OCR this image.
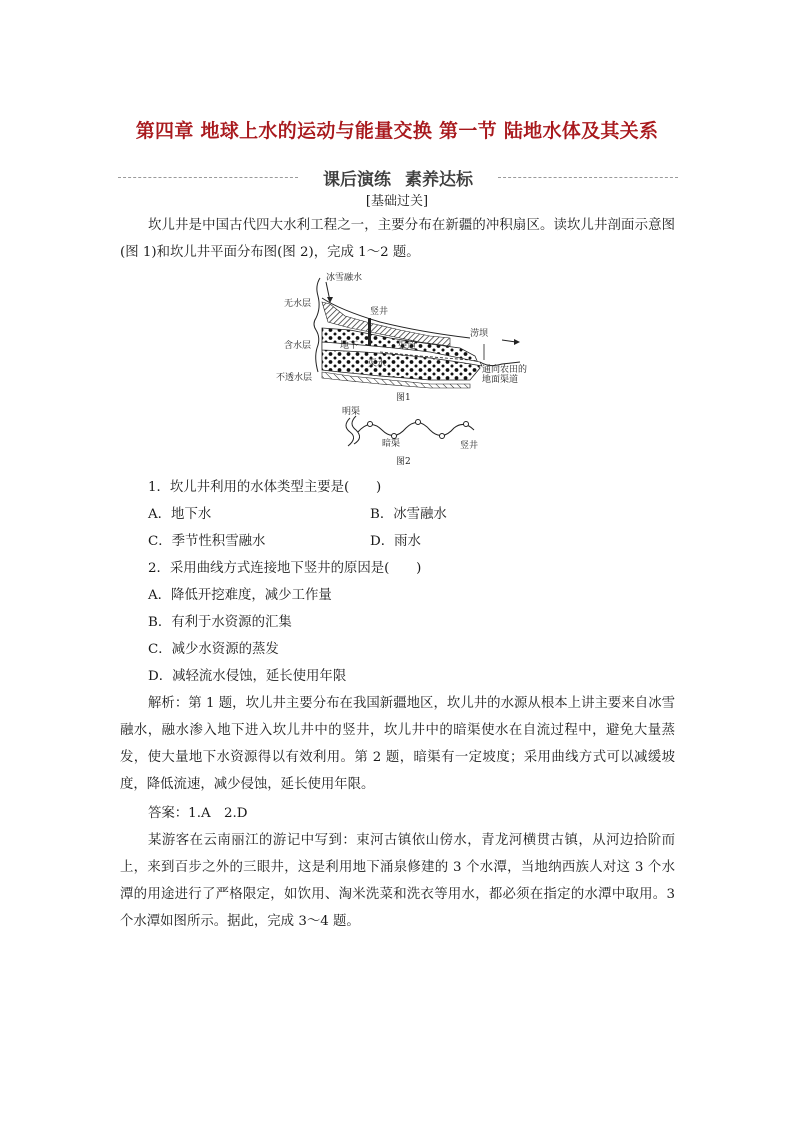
第四章 地球上水的运动与能量交换 第一节 陆地水体及其关系
课后演练 素养达标
[基础过关]
坎儿井是中国古代四大水利工程之一，主要分布在新疆的冲积扇区。读坎儿井剖面示意图(图 1)和坎儿井平面分布图(图 2)，完成 1～2 题。
冰雪融水
无水层
含水层
不透水层
竖井
地下
渠水
渠道
涝坝
通向农田的
地面渠道
图1
明渠
暗渠	竖井
图2
1．坎儿井利用的水体类型主要是(　　)
A．地下水	B．冰雪融水
C．季节性积雪融水	D．雨水
2．采用曲线方式连接地下竖井的原因是(　　)
A．降低开挖难度，减少工作量
B．有利于水资源的汇集
C．减少水资源的蒸发
D．减轻流水侵蚀，延长使用年限
解析：第 1 题，坎儿井主要分布在我国新疆地区，坎儿井的水源从根本上讲主要来自冰雪融水，融水渗入地下进入坎儿井中的竖井，坎儿井中的暗渠使水在自流过程中，避免大量蒸发，使大量地下水资源得以有效利用。第 2 题，暗渠有一定坡度；采用曲线方式可以减缓坡度，降低流速，减少侵蚀，延长使用年限。
答案：1.A　2.D
某游客在云南丽江的游记中写到：束河古镇依山傍水，青龙河横贯古镇，从河边拾阶而上，来到百步之外的三眼井，这是利用地下涌泉修建的 3 个水潭，当地纳西族人对这 3 个水潭的用途进行了严格限定，如饮用、淘米洗菜和洗衣等用水，都必须在指定的水潭中取用。3 个水潭如图所示。据此，完成 3～4 题。
